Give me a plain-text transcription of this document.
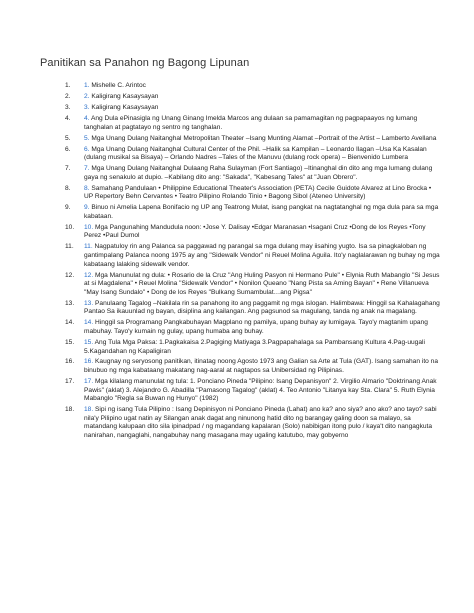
Panitikan sa Panahon ng Bagong Lipunan
1. 1. Mishelle C. Arintoc
2. 2. Kaligirang Kasaysayan
3. 3. Kaligirang Kasaysayan
4. 4. Ang Dula ePinasigla ng Unang Ginang Imelda Marcos ang dulaan sa pamamagitan ng pagpapaayos ng lumang tanghalan at pagtatayo ng sentro ng tanghalan.
5. 5. Mga Unang Dulang Naitanghal Metropolitan Theater –Isang Munting Alamat –Portrait of the Artist – Lamberto Avellana
6. 6. Mga Unang Dulang Naitanghal Cultural Center of the Phil. –Halik sa Kampilan – Leonardo Ilagan –Usa Ka Kasalan (dulang musikal sa Bisaya) – Orlando Nadres –Tales of the Manuvu (dulang rock opera) – Bienvenido Lumbera
7. 7. Mga Unang Dulang Naitanghal Dulaang Raha Sulayman (Fort Santiago) –Itinanghal din dito ang mga lumang dulang gaya ng senakulo at dupio. –Kabilang dito ang: "Sakada", "Kabesang Tales" at "Juan Obrero".
8. 8. Samahang Pandulaan • Philippine Educational Theater's Association (PETA) Cecile Guidote Alvarez at Lino Brocka • UP Repertory Behn Cervantes • Teatro Pilipino Rolando Tinio • Bagong Sibol (Ateneo University)
9. 9. Binuo ni Amelia Lapena Bonifacio ng UP ang Teatrong Mulat, isang pangkat na nagtatanghal ng mga dula para sa mga kabataan.
10. 10. Mga Pangunahing Mandudula noon: •Jose Y. Dalisay •Edgar Maranasan •Isagani Cruz •Dong de los Reyes •Tony Perez •Paul Dumol
11. 11. Nagpatuloy rin ang Palanca sa paggawad ng parangal sa mga dulang may iisahing yugto. Isa sa pinagkaloban ng gantimpalang Palanca noong 1975 ay ang "Sidewalk Vendor" ni Reuel Molina Aguila. Ito'y naglalarawan ng buhay ng mga kabataang lalaking sidewalk vendor.
12. 12. Mga Manunulat ng dula: • Rosario de la Cruz "Ang Huling Pasyon ni Hermano Pule" • Elynia Ruth Mabanglo "Si Jesus at si Magdalena" • Reuel Molina "Sidewalk Vendor" • Nonilon Queano "Nang Pista sa Aming Bayan" • Rene Villanueva "May Isang Sundalo" • Dong de los Reyes "Bulkang Sumambulat…ang Pigsa"
13. 13. Panulaang Tagalog –Nakilala rin sa panahong ito ang paggamit ng mga islogan. Halimbawa: Hinggil sa Kahalagahang Pantao Sa ikauunlad ng bayan, disiplina ang kailangan. Ang pagsunod sa magulang, tanda ng anak na magalang.
14. 14. Hinggil sa Programang Pangkabuhayan Magplano ng pamilya, upang buhay ay lumigaya. Tayo'y magtanim upang mabuhay. Tayo'y kumain ng gulay, upang humaba ang buhay.
15. 15. Ang Tula Mga Paksa: 1.Pagkakaisa 2.Pagiging Matiyaga 3.Pagpapahalaga sa Pambansang Kultura 4.Pag-uugali 5.Kagandahan ng Kapaligiran
16. 16. Kaugnay ng seryosong panitikan, itinatag noong Agosto 1973 ang Galian sa Arte at Tula (GAT). Isang samahan ito na binubuo ng mga kabataang makatang nag-aaral at nagtapos sa Unibersidad ng Pilipinas.
17. 17. Mga kilalang manunulat ng tula: 1. Ponciano Pineda "Pilipino: Isang Depanisyon" 2. Virgilio Almario "Doktrinang Anak Pawis" (aklat) 3. Alejandro G. Abadilla "Pamasong Tagalog" (aklat) 4. Teo Antonio "Litanya kay Sta. Clara" 5. Ruth Elynia Mabanglo "Regla sa Buwan ng Hunyo" (1982)
18. 18. Sipi ng isang Tula Pilipino : Isang Depinisyon ni Ponciano Pineda (Lahat) ano ka? ano siya? ano ako? ano tayo? sabi nila'y Pilipino ugat natin ay Silangan anak dagat ang ninunong hatid dito ng barangay galing doon sa malayo, sa matandang kalupaan dito sila ipinadpad / ng magandang kapalaran (Solo) nabibigan itong pulo / kaya't dito nangagkuta nanirahan, nangaglahi, nangabuhay nang masagana may ugaling katutubo, may gobyerno
